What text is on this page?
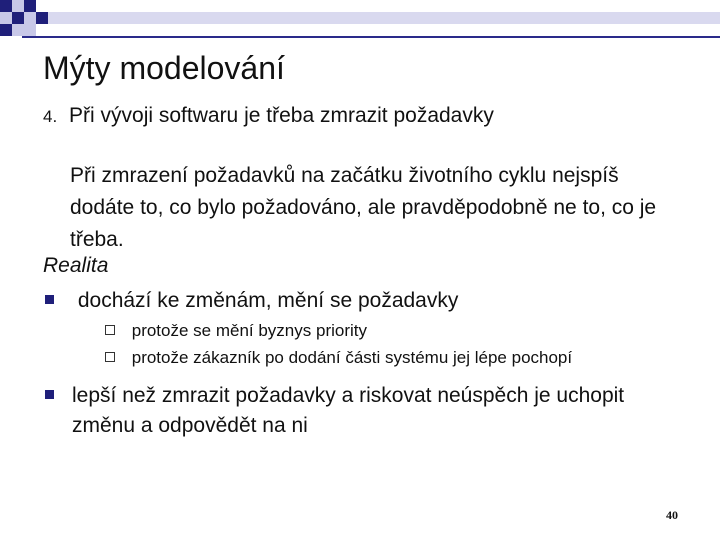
Mýty modelování
4. Při vývoji softwaru je třeba zmrazit požadavky
Při zmrazení požadavků na začátku životního cyklu nejspíš dodáte to, co bylo požadováno, ale pravděpodobně ne to, co je třeba.
Realita
dochází ke změnám, mění se požadavky
protože se mění byznys priority
protože zákazník po dodání části systému jej lépe pochopí
lepší než zmrazit požadavky a riskovat neúspěch je uchopit změnu a odpovědět na ni
40
